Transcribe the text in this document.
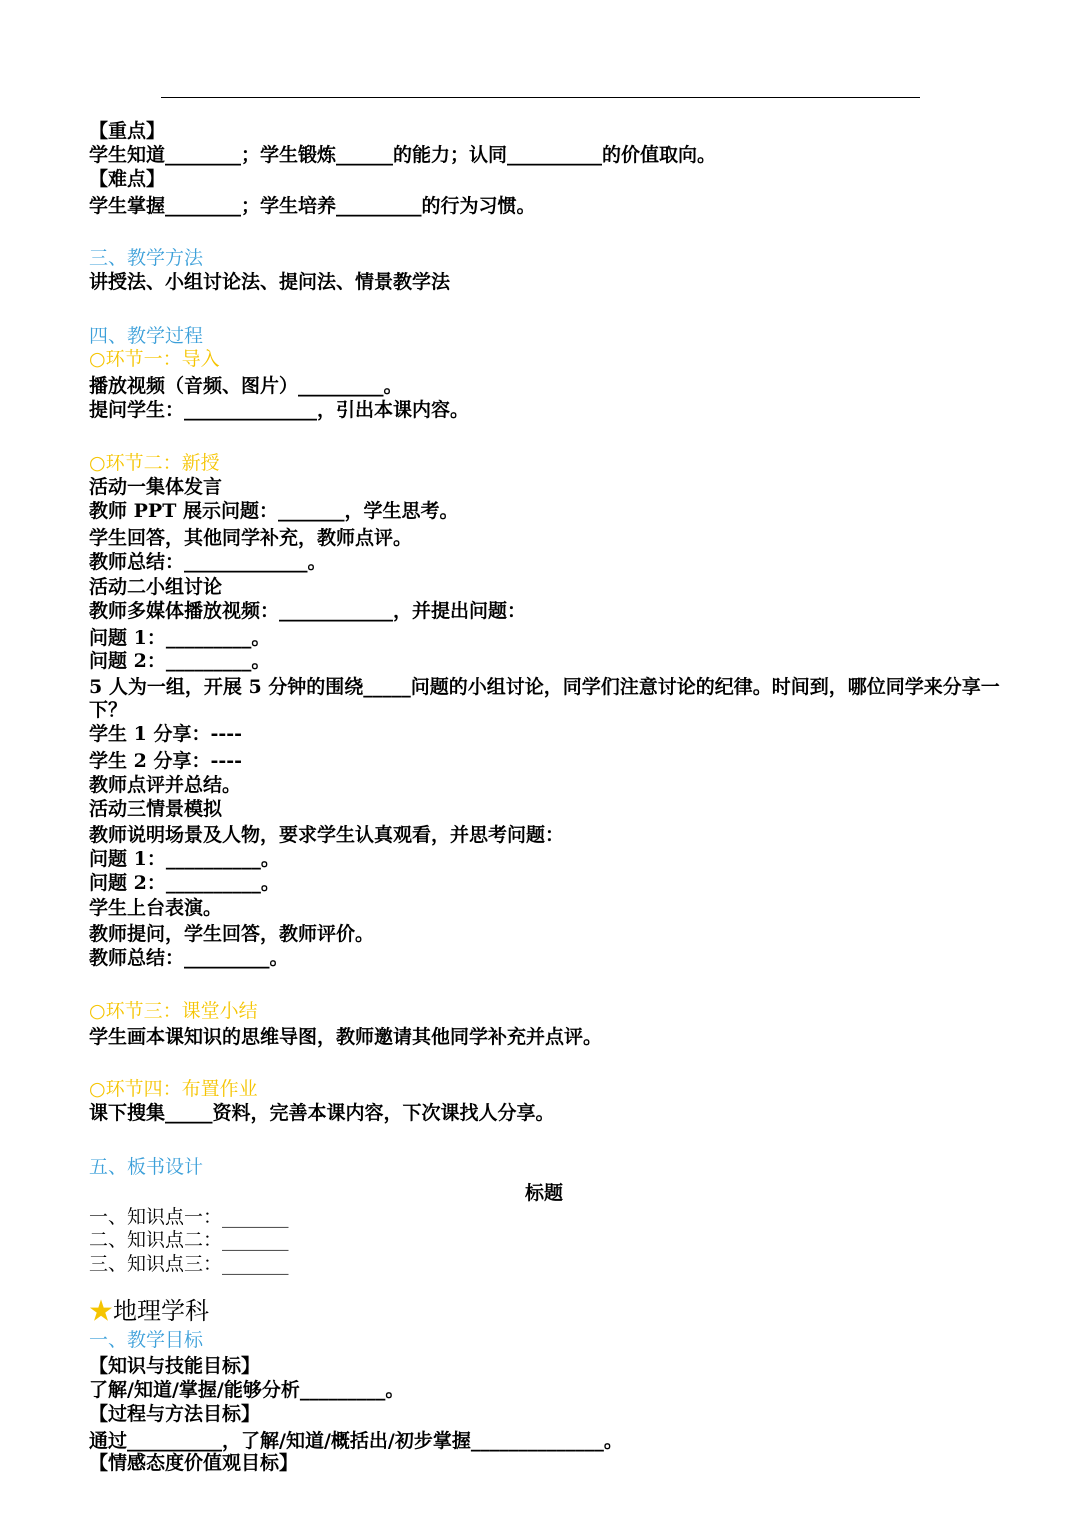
【重点】
学生知道________；学生锻炼______的能力；认同__________的价值取向。
【难点】
学生掌握________；学生培养_________的行为习惯。
三、教学方法
讲授法、小组讨论法、提问法、情景教学法
四、教学过程
○环节一：导入
播放视频（音频、图片）_________。
提问学生：______________，引出本课内容。
○环节二：新授
活动一集体发言
教师 PPT 展示问题：_______，学生思考。
学生回答，其他同学补充，教师点评。
教师总结：_____________。
活动二小组讨论
教师多媒体播放视频：____________，并提出问题：
问题 1：_________。
问题 2：_________。
5 人为一组，开展 5 分钟的围绕_____问题的小组讨论，同学们注意讨论的纪律。时间到，哪位同学来分享一
下？
学生 1 分享：----
学生 2 分享：----
教师点评并总结。
活动三情景模拟
教师说明场景及人物，要求学生认真观看，并思考问题：
问题 1：__________。
问题 2：__________。
学生上台表演。
教师提问，学生回答，教师评价。
教师总结：_________。
○环节三：课堂小结
学生画本课知识的思维导图，教师邀请其他同学补充并点评。
○环节四：布置作业
课下搜集_____资料，完善本课内容，下次课找人分享。
五、板书设计
标题
一、知识点一：_______
二、知识点二：_______
三、知识点三：_______
★地理学科
一、教学目标
【知识与技能目标】
了解/知道/掌握/能够分析_________。
【过程与方法目标】
通过__________，了解/知道/概括出/初步掌握______________。
【情感态度价值观目标】
